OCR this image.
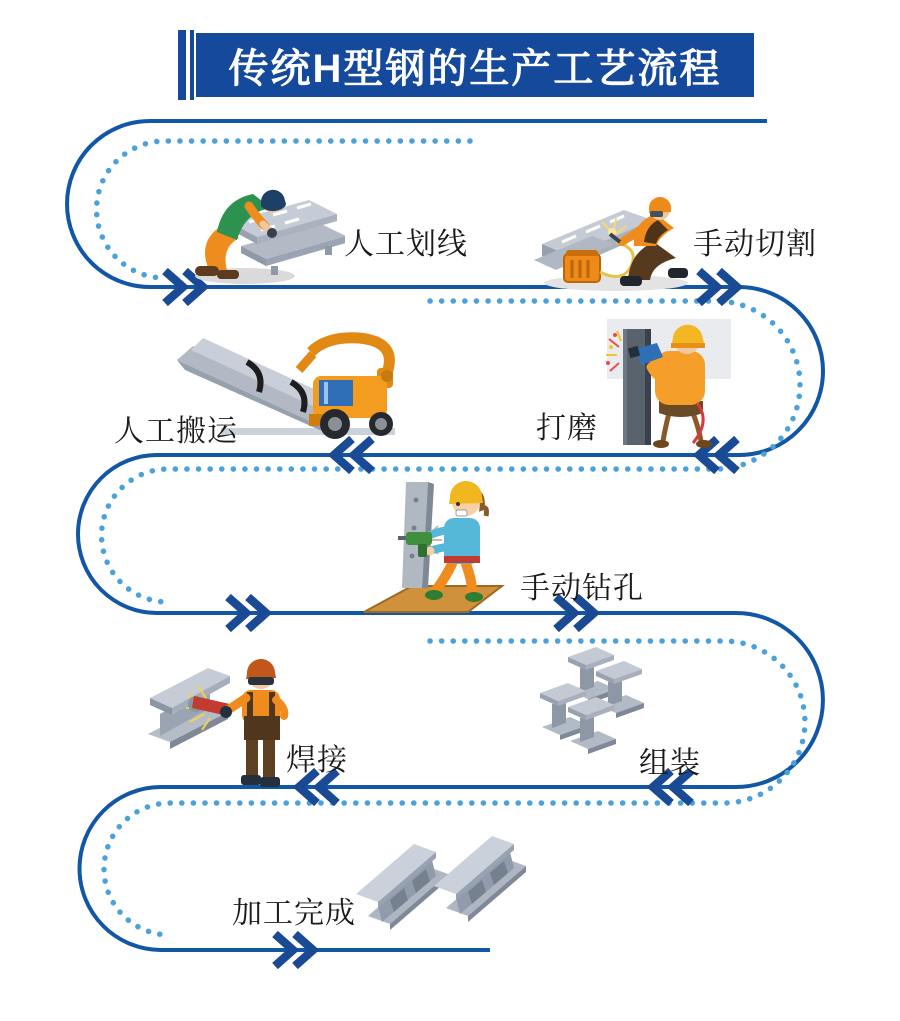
传统H型钢的生产工艺流程
人工划线	手动切割
打磨
人工搬运
手动钻孔
组装
焊接
加工完成
